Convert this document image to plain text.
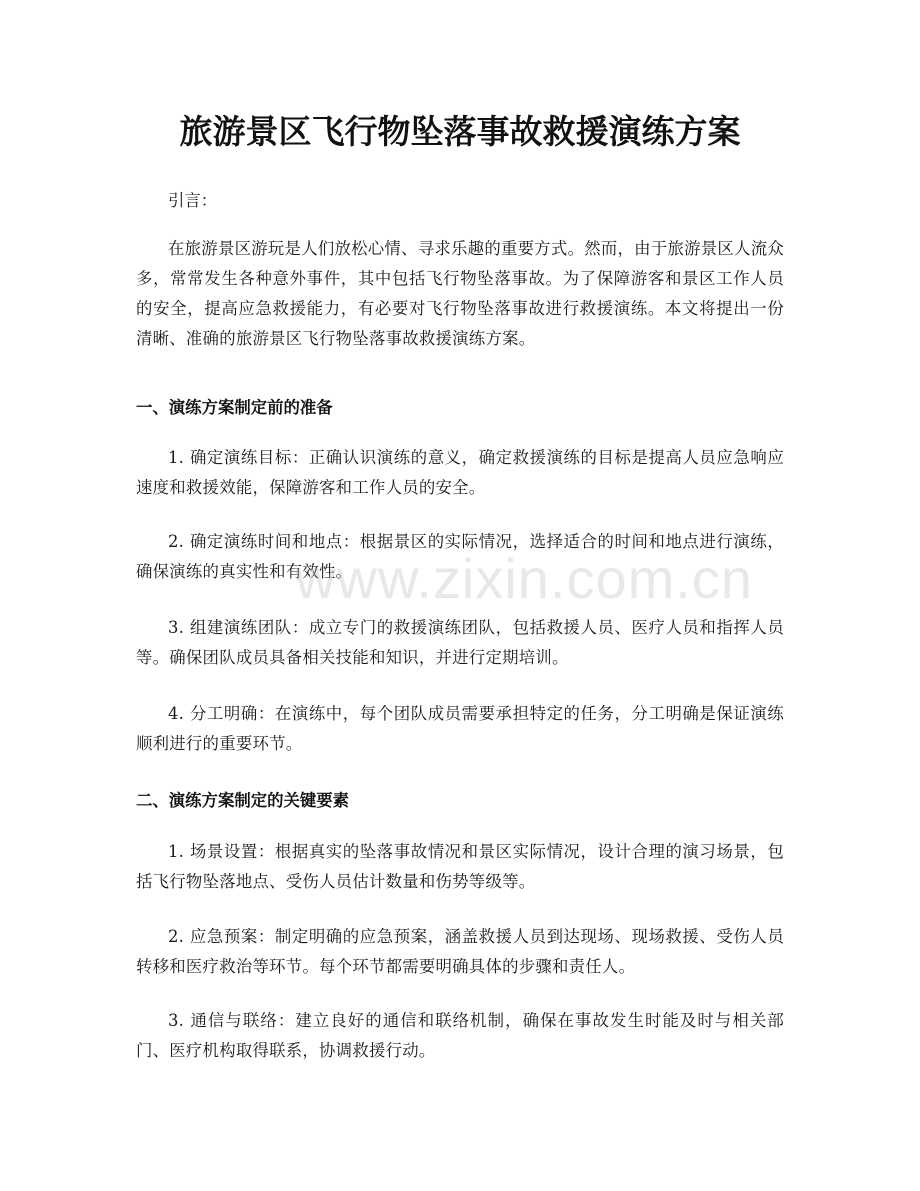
旅游景区飞行物坠落事故救援演练方案

引言：

在旅游景区游玩是人们放松心情、寻求乐趣的重要方式。然而，由于旅游景区人流众多，常常发生各种意外事件，其中包括飞行物坠落事故。为了保障游客和景区工作人员的安全，提高应急救援能力，有必要对飞行物坠落事故进行救援演练。本文将提出一份清晰、准确的旅游景区飞行物坠落事故救援演练方案。

一、演练方案制定前的准备

1. 确定演练目标：正确认识演练的意义，确定救援演练的目标是提高人员应急响应速度和救援效能，保障游客和工作人员的安全。

2. 确定演练时间和地点：根据景区的实际情况，选择适合的时间和地点进行演练，确保演练的真实性和有效性。

3. 组建演练团队：成立专门的救援演练团队，包括救援人员、医疗人员和指挥人员等。确保团队成员具备相关技能和知识，并进行定期培训。

4. 分工明确：在演练中，每个团队成员需要承担特定的任务，分工明确是保证演练顺利进行的重要环节。

二、演练方案制定的关键要素

1. 场景设置：根据真实的坠落事故情况和景区实际情况，设计合理的演习场景，包括飞行物坠落地点、受伤人员估计数量和伤势等级等。

2. 应急预案：制定明确的应急预案，涵盖救援人员到达现场、现场救援、受伤人员转移和医疗救治等环节。每个环节都需要明确具体的步骤和责任人。

3. 通信与联络：建立良好的通信和联络机制，确保在事故发生时能及时与相关部门、医疗机构取得联系，协调救援行动。

www.zixin.com.cn
